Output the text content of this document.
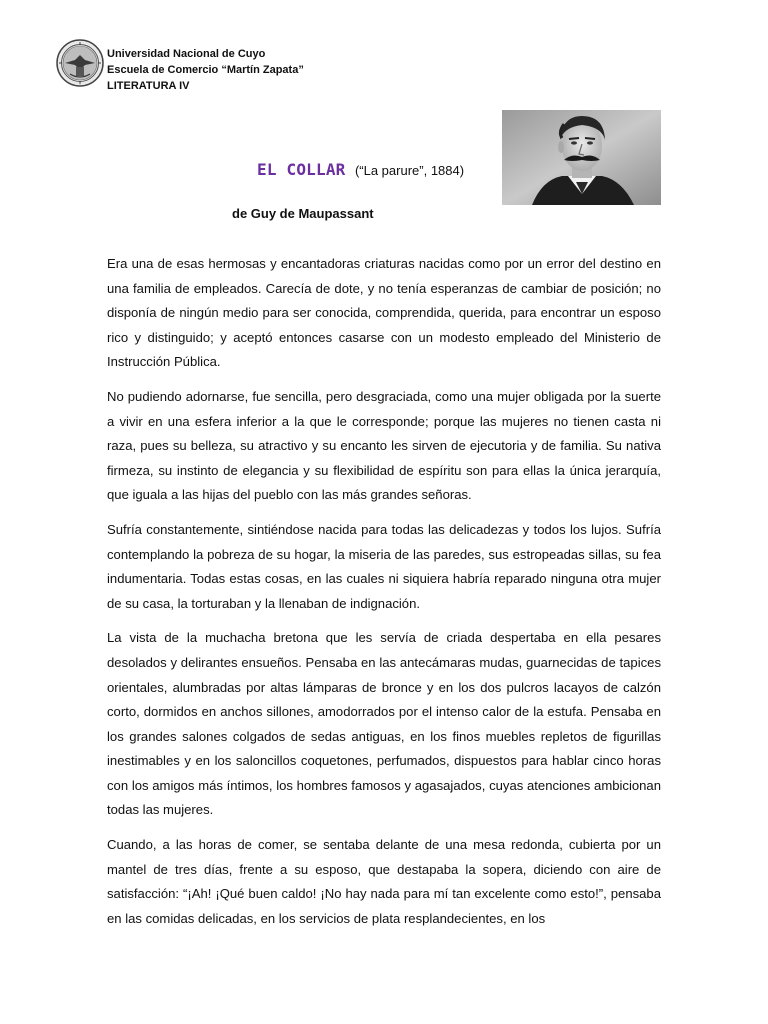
Universidad Nacional de Cuyo
Escuela de Comercio “Martín Zapata”
LITERATURA IV
EL COLLAR (“La parure”, 1884)
de Guy de Maupassant

Era una de esas hermosas y encantadoras criaturas nacidas como por un error del destino en una familia de empleados. Carecía de dote, y no tenía esperanzas de cambiar de posición; no disponía de ningún medio para ser conocida, comprendida, querida, para encontrar un esposo rico y distinguido; y aceptó entonces casarse con un modesto empleado del Ministerio de Instrucción Pública.

No pudiendo adornarse, fue sencilla, pero desgraciada, como una mujer obligada por la suerte a vivir en una esfera inferior a la que le corresponde; porque las mujeres no tienen casta ni raza, pues su belleza, su atractivo y su encanto les sirven de ejecutoria y de familia. Su nativa firmeza, su instinto de elegancia y su flexibilidad de espíritu son para ellas la única jerarquía, que iguala a las hijas del pueblo con las más grandes señoras.

Sufría constantemente, sintiéndose nacida para todas las delicadezas y todos los lujos. Sufría contemplando la pobreza de su hogar, la miseria de las paredes, sus estropeadas sillas, su fea indumentaria. Todas estas cosas, en las cuales ni siquiera habría reparado ninguna otra mujer de su casa, la torturaban y la llenaban de indignación.

La vista de la muchacha bretona que les servía de criada despertaba en ella pesares desolados y delirantes ensueños. Pensaba en las antecámaras mudas, guarnecidas de tapices orientales, alumbradas por altas lámparas de bronce y en los dos pulcros lacayos de calzón corto, dormidos en anchos sillones, amodorrados por el intenso calor de la estufa. Pensaba en los grandes salones colgados de sedas antiguas, en los finos muebles repletos de figurillas inestimables y en los saloncillos coquetones, perfumados, dispuestos para hablar cinco horas con los amigos más íntimos, los hombres famosos y agasajados, cuyas atenciones ambicionan todas las mujeres.

Cuando, a las horas de comer, se sentaba delante de una mesa redonda, cubierta por un mantel de tres días, frente a su esposo, que destapaba la sopera, diciendo con aire de satisfacción: “¡Ah! ¡Qué buen caldo! ¡No hay nada para mí tan excelente como esto!”, pensaba en las comidas delicadas, en los servicios de plata resplandecientes, en los
